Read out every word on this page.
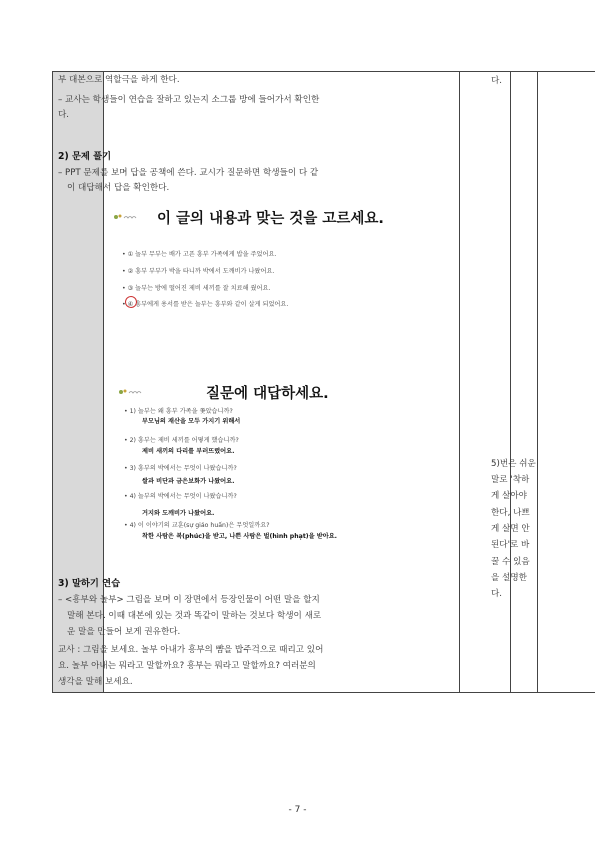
부 대본으로 역할극을 하게 한다.
– 교사는 학생들이 연습을 잘하고 있는지 소그룹 방에 들어가서 확인한
다.
2) 문제 풀기
– PPT 문제를 보며 답을 공책에 쓴다. 교시가 질문하면 학생들이 다 같
이 대답해서 답을 확인한다.
이 글의 내용과 맞는 것을 고르세요.
• ① 놀부 무부는 배가 고픈 흥부 가족에게 밥을 주었어요.
• ② 흥부 부부가 박을 타니까 박에서 도깨비가 나왔어요.
• ③ 놀부는 방에 떨어진 제비 세끼를 잘 치료해 줬어요.
• ④ 흥부에게 용서를 받은 놀부는 흥부와 같이 살게 되었어요.
질문에 대답하세요.
• 1) 놀부는 왜 흥부 가족을 쫓았습니까?
부모님의 재산을 모두 가지기 위해서
• 2) 흥부는 제비 세끼를 어떻게 했습니까?
제비 새끼의 다리를 부러뜨렸어요.
• 3) 흥부의 박에서는 무엇이 나왔습니까?
쌀과 비단과 금은보화가 나왔어요.
• 4) 놀부의 박에서는 무엇이 나왔습니까?
거지와 도깨비가 나왔어요.
• 4) 이 이야기의 교훈(sự giáo huấn)은 무엇일까요?
착한 사람은 복(phúc)을 받고, 나쁜 사람은 벌(hình phạt)을 받아요.
3) 말하기 연습
– <흥부와 놀부> 그림을 보며 이 장면에서 등장인물이 어떤 말을 할지
말해 본다. 이때 대본에 있는 것과 똑같이 말하는 것보다 학생이 새로
운 말을 만들어 보게 권유한다.
교사 : 그림을 보세요. 놀부 아내가 흥부의 뺨을 밥주걱으로 때리고 있어
요. 놀부 아내는 뭐라고 말할까요? 흥부는 뭐라고 말할까요? 여러분의
생각을 말해 보세요.
다.
5)번은 쉬운
말로 '착하
게 살아야
한다, 나쁘
게 살면 안
된다'로 바
꿀 수 있음
을 설명한
다.
- 7 -
